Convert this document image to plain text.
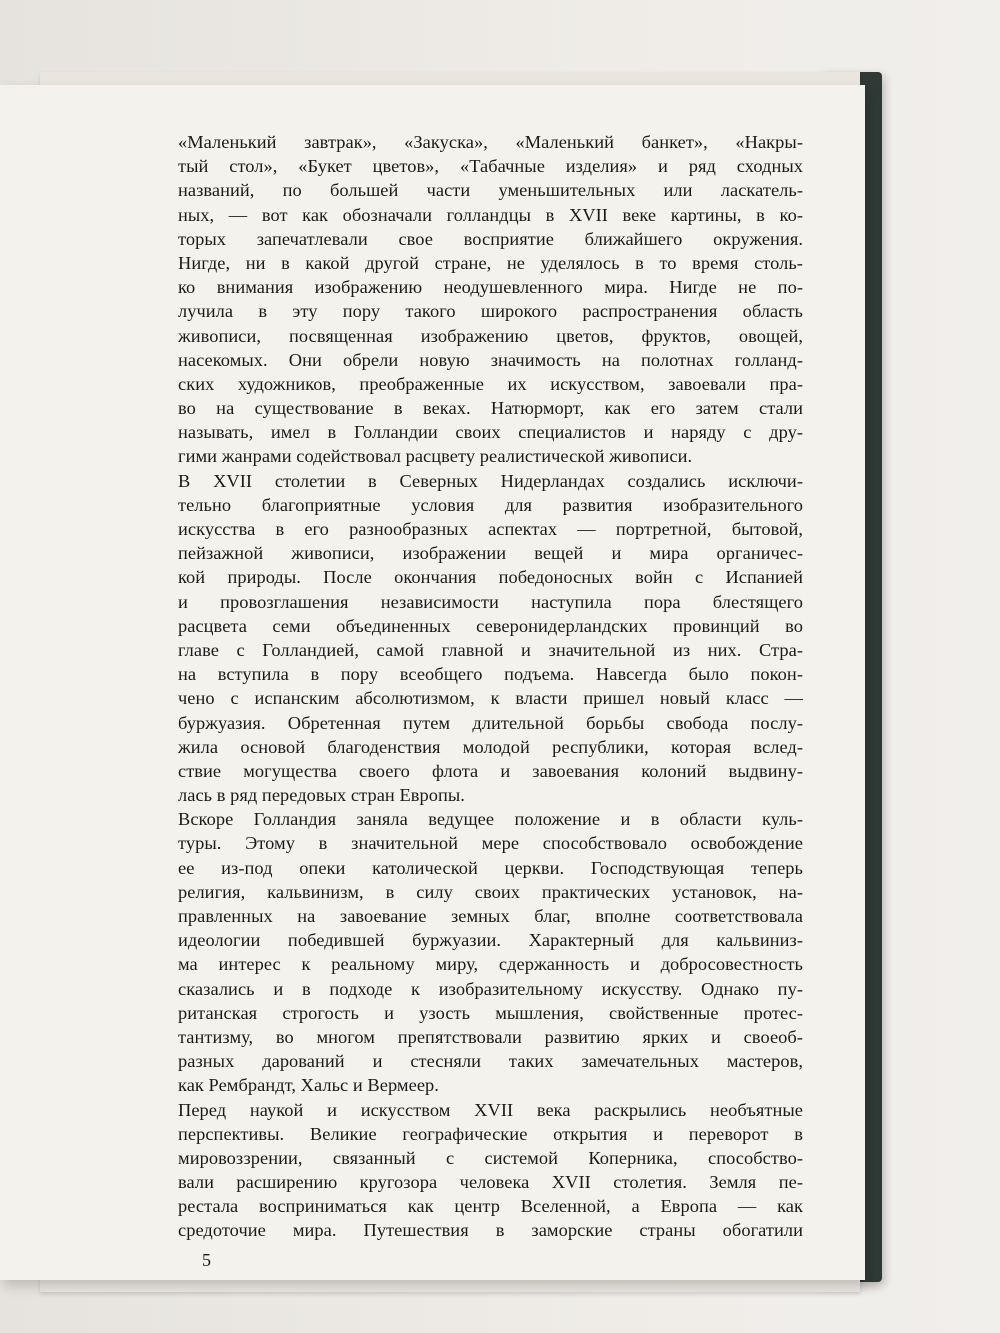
«Маленький завтрак», «Закуска», «Маленький банкет», «Накры-
тый стол», «Букет цветов», «Табачные изделия» и ряд сходных
названий, по большей части уменьшительных или ласкатель-
ных, — вот как обозначали голландцы в XVII веке картины, в ко-
торых запечатлевали свое восприятие ближайшего окружения.
Нигде, ни в какой другой стране, не уделялось в то время столь-
ко внимания изображению неодушевленного мира. Нигде не по-
лучила в эту пору такого широкого распространения область
живописи, посвященная изображению цветов, фруктов, овощей,
насекомых. Они обрели новую значимость на полотнах голланд-
ских художников, преображенные их искусством, завоевали пра-
во на существование в веках. Натюрморт, как его затем стали
называть, имел в Голландии своих специалистов и наряду с дру-
гими жанрами содействовал расцвету реалистической живописи.
В XVII столетии в Северных Нидерландах создались исключи-
тельно благоприятные условия для развития изобразительного
искусства в его разнообразных аспектах — портретной, бытовой,
пейзажной живописи, изображении вещей и мира органичес-
кой природы. После окончания победоносных войн с Испанией
и провозглашения независимости наступила пора блестящего
расцвета семи объединенных северонидерландских провинций во
главе с Голландией, самой главной и значительной из них. Стра-
на вступила в пору всеобщего подъема. Навсегда было покон-
чено с испанским абсолютизмом, к власти пришел новый класс —
буржуазия. Обретенная путем длительной борьбы свобода послу-
жила основой благоденствия молодой республики, которая вслед-
ствие могущества своего флота и завоевания колоний выдвину-
лась в ряд передовых стран Европы.
Вскоре Голландия заняла ведущее положение и в области куль-
туры. Этому в значительной мере способствовало освобождение
ее из-под опеки католической церкви. Господствующая теперь
религия, кальвинизм, в силу своих практических установок, на-
правленных на завоевание земных благ, вполне соответствовала
идеологии победившей буржуазии. Характерный для кальвиниз-
ма интерес к реальному миру, сдержанность и добросовестность
сказались и в подходе к изобразительному искусству. Однако пу-
ританская строгость и узость мышления, свойственные протес-
тантизму, во многом препятствовали развитию ярких и своеоб-
разных дарований и стесняли таких замечательных мастеров,
как Рембрандт, Хальс и Вермеер.
Перед наукой и искусством XVII века раскрылись необъятные
перспективы. Великие географические открытия и переворот в
мировоззрении, связанный с системой Коперника, способство-
вали расширению кругозора человека XVII столетия. Земля пе-
рестала восприниматься как центр Вселенной, а Европа — как
средоточие мира. Путешествия в заморские страны обогатили
5
